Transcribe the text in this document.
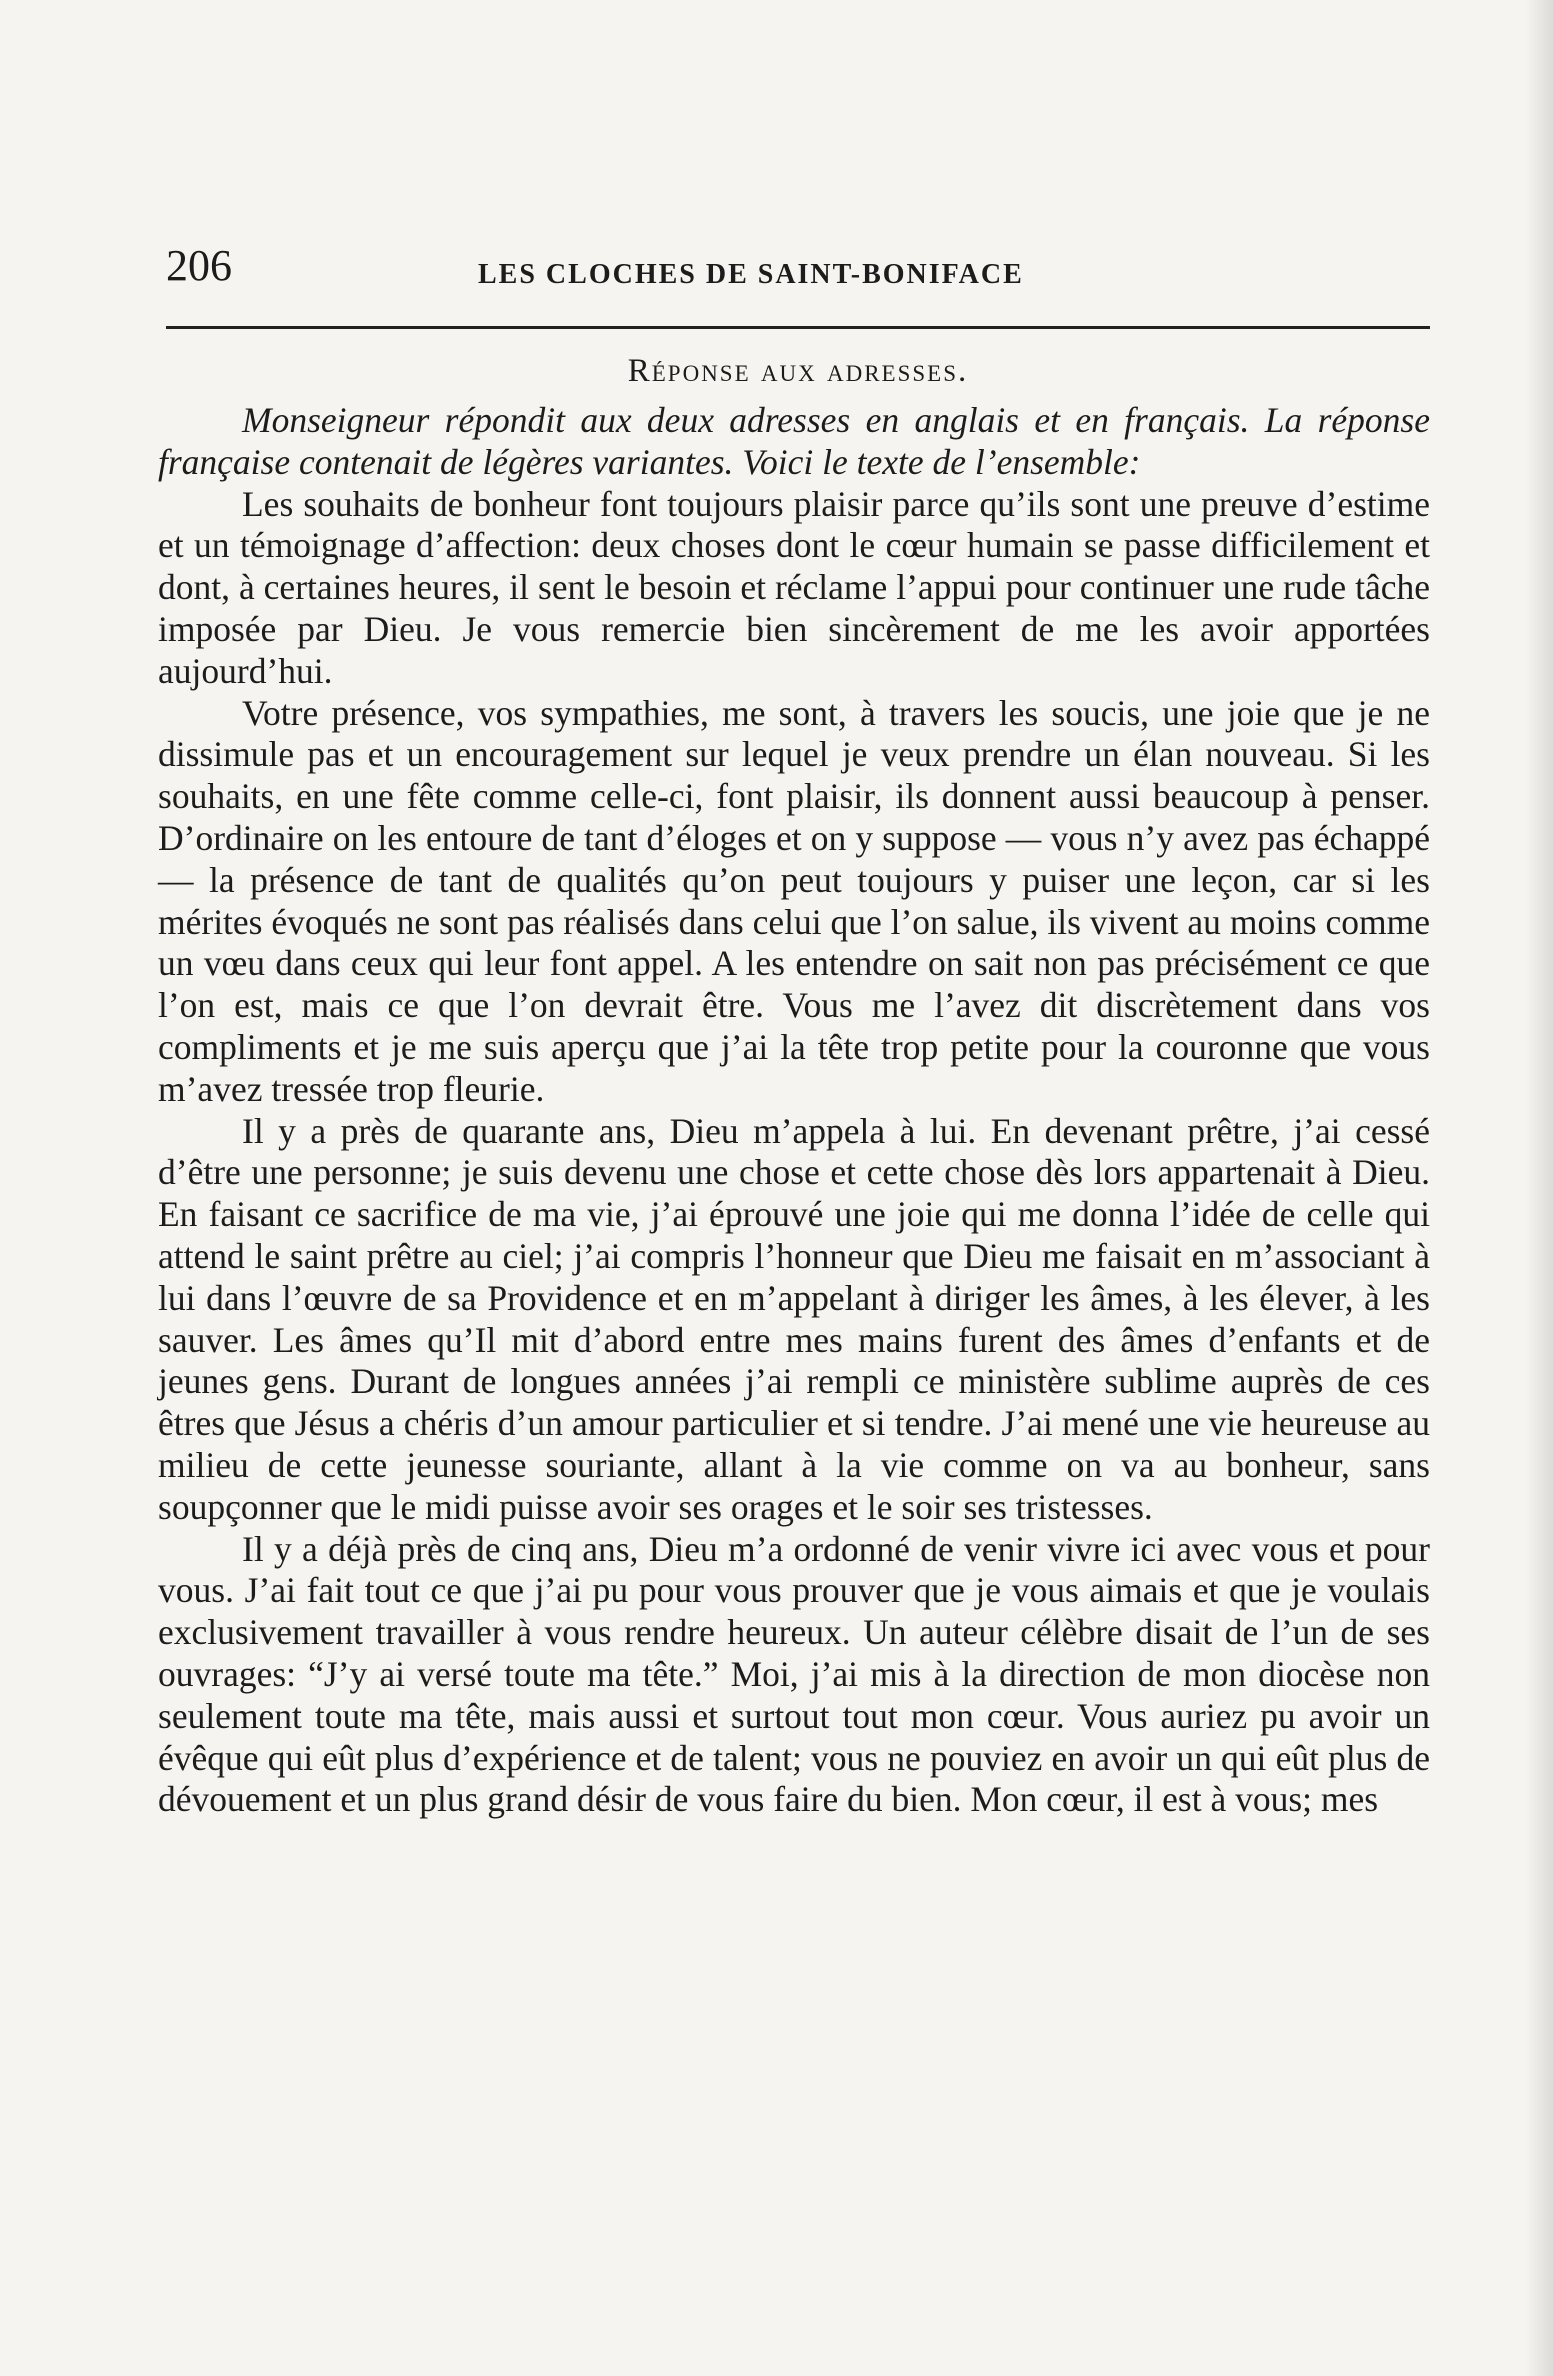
206	LES CLOCHES DE SAINT-BONIFACE
Réponse aux adresses.

Monseigneur répondit aux deux adresses en anglais et en français. La réponse française contenait de légères variantes. Voici le texte de l’ensemble:

Les souhaits de bonheur font toujours plaisir parce qu’ils sont une preuve d’estime et un témoignage d’affection: deux choses dont le cœur humain se passe difficilement et dont, à certaines heures, il sent le besoin et réclame l’appui pour continuer une rude tâche imposée par Dieu. Je vous remercie bien sincèrement de me les avoir apportées aujourd’hui.

Votre présence, vos sympathies, me sont, à travers les soucis, une joie que je ne dissimule pas et un encouragement sur lequel je veux prendre un élan nouveau. Si les souhaits, en une fête comme celle-ci, font plaisir, ils donnent aussi beaucoup à penser. D’ordinaire on les entoure de tant d’éloges et on y suppose — vous n’y avez pas échappé — la présence de tant de qualités qu’on peut toujours y puiser une leçon, car si les mérites évoqués ne sont pas réalisés dans celui que l’on salue, ils vivent au moins comme un vœu dans ceux qui leur font appel. A les entendre on sait non pas précisément ce que l’on est, mais ce que l’on devrait être. Vous me l’avez dit discrètement dans vos compliments et je me suis aperçu que j’ai la tête trop petite pour la couronne que vous m’avez tressée trop fleurie.

Il y a près de quarante ans, Dieu m’appela à lui. En devenant prêtre, j’ai cessé d’être une personne; je suis devenu une chose et cette chose dès lors appartenait à Dieu. En faisant ce sacrifice de ma vie, j’ai éprouvé une joie qui me donna l’idée de celle qui attend le saint prêtre au ciel; j’ai compris l’honneur que Dieu me faisait en m’associant à lui dans l’œuvre de sa Providence et en m’appelant à diriger les âmes, à les élever, à les sauver. Les âmes qu’Il mit d’abord entre mes mains furent des âmes d’enfants et de jeunes gens. Durant de longues années j’ai rempli ce ministère sublime auprès de ces êtres que Jésus a chéris d’un amour particulier et si tendre. J’ai mené une vie heureuse au milieu de cette jeunesse souriante, allant à la vie comme on va au bonheur, sans soupçonner que le midi puisse avoir ses orages et le soir ses tristesses.

Il y a déjà près de cinq ans, Dieu m’a ordonné de venir vivre ici avec vous et pour vous. J’ai fait tout ce que j’ai pu pour vous prouver que je vous aimais et que je voulais exclusivement travailler à vous rendre heureux. Un auteur célèbre disait de l’un de ses ouvrages: “J’y ai versé toute ma tête.” Moi, j’ai mis à la direction de mon diocèse non seulement toute ma tête, mais aussi et surtout tout mon cœur. Vous auriez pu avoir un évêque qui eût plus d’expérience et de talent; vous ne pouviez en avoir un qui eût plus de dévouement et un plus grand désir de vous faire du bien. Mon cœur, il est à vous; mes
